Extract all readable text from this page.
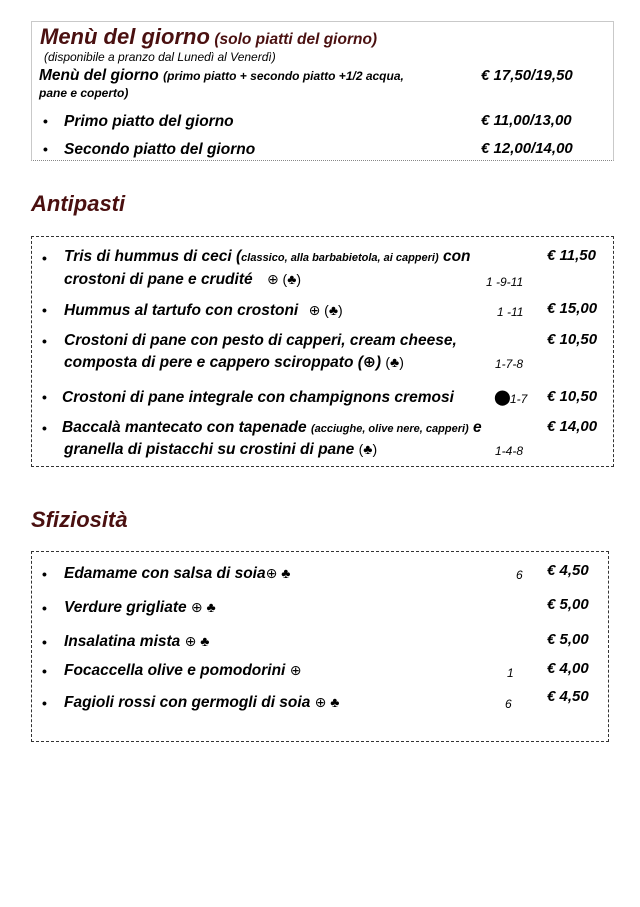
Menù del giorno (solo piatti del giorno)
(disponibile a pranzo dal Lunedì al Venerdì)
Menù del giorno (primo piatto + secondo piatto +1/2 acqua,
pane e coperto)
€ 17,50/19,50
• Primo piatto del giorno	€ 11,00/13,00
• Secondo piatto del giorno	€ 12,00/14,00
Antipasti
• Tris di hummus di ceci (classico, alla barbabietola, ai capperi) con
crostoni di pane e crudité ⊕ (♣)	1 -9-11
€ 11,50
• Hummus al tartufo con crostoni ⊕ (♣)	1 -11 € 15,00
• Crostoni di pane con pesto di capperi, cream cheese,
composta di pere e cappero sciroppato (⊕) (♣)	1-7-8
€ 10,50
• Crostoni di pane integrale con champignons cremosi	⬤ 1-7 € 10,50
• Baccalà mantecato con tapenade (acciughe, olive nere, capperi) e
granella di pistacchi su crostini di pane (♣)	1-4-8
€ 14,00
Sfiziosità
• Edamame con salsa di soia⊕ ♣	6 € 4,50
• Verdure grigliate ⊕ ♣	€ 5,00
• Insalatina mista ⊕ ♣	€ 5,00
• Focaccella olive e pomodorini ⊕	1 € 4,00
• Fagioli rossi con germogli di soia ⊕ ♣	6 € 4,50
